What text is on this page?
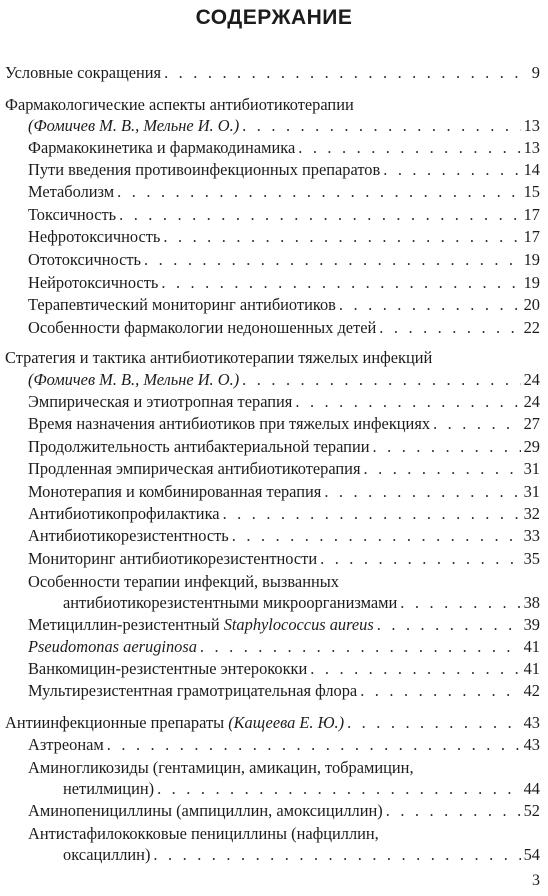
СОДЕРЖАНИЕ
Условные сокращения . . .	9
Фармакологические аспекты антибиотикотерапии
(Фомичев М. В., Мельне И. О.) . . .	13
Фармакокинетика и фармакодинамика . . .	13
Пути введения противоинфекционных препаратов . . .	14
Метаболизм . . .	15
Токсичность . . .	17
Нефротоксичность . . .	17
Ототоксичность . . .	19
Нейротоксичность . . .	19
Терапевтический мониторинг антибиотиков . . .	20
Особенности фармакологии недоношенных детей . . .	22
Стратегия и тактика антибиотикотерапии тяжелых инфекций
(Фомичев М. В., Мельне И. О.) . . .	24
Эмпирическая и этиотропная терапия . . .	24
Время назначения антибиотиков при тяжелых инфекциях . . .	27
Продолжительность антибактериальной терапии . . .	29
Продленная эмпирическая антибиотикотерапия . . .	31
Монотерапия и комбинированная терапия . . .	31
Антибиотикопрофилактика . . .	32
Антибиотикорезистентность . . .	33
Мониторинг антибиотикорезистентности . . .	35
Особенности терапии инфекций, вызванных
антибиотикорезистентными микроорганизмами . . .	38
Метициллин-резистентный Staphylococcus aureus . . .	39
Pseudomonas aeruginosa . . .	41
Ванкомицин-резистентные энтерококки . . .	41
Мультирезистентная грамотрицательная флора . . .	42
Антиинфекционные препараты (Кащеева Е. Ю.) . . .	43
Азтреонам . . .	43
Аминогликозиды (гентамицин, амикацин, тобрамицин,
нетилмицин) . . .	44
Аминопенициллины (ампициллин, амоксициллин) . . .	52
Антистафилококковые пенициллины (нафциллин,
оксациллин) . . .	54
3
